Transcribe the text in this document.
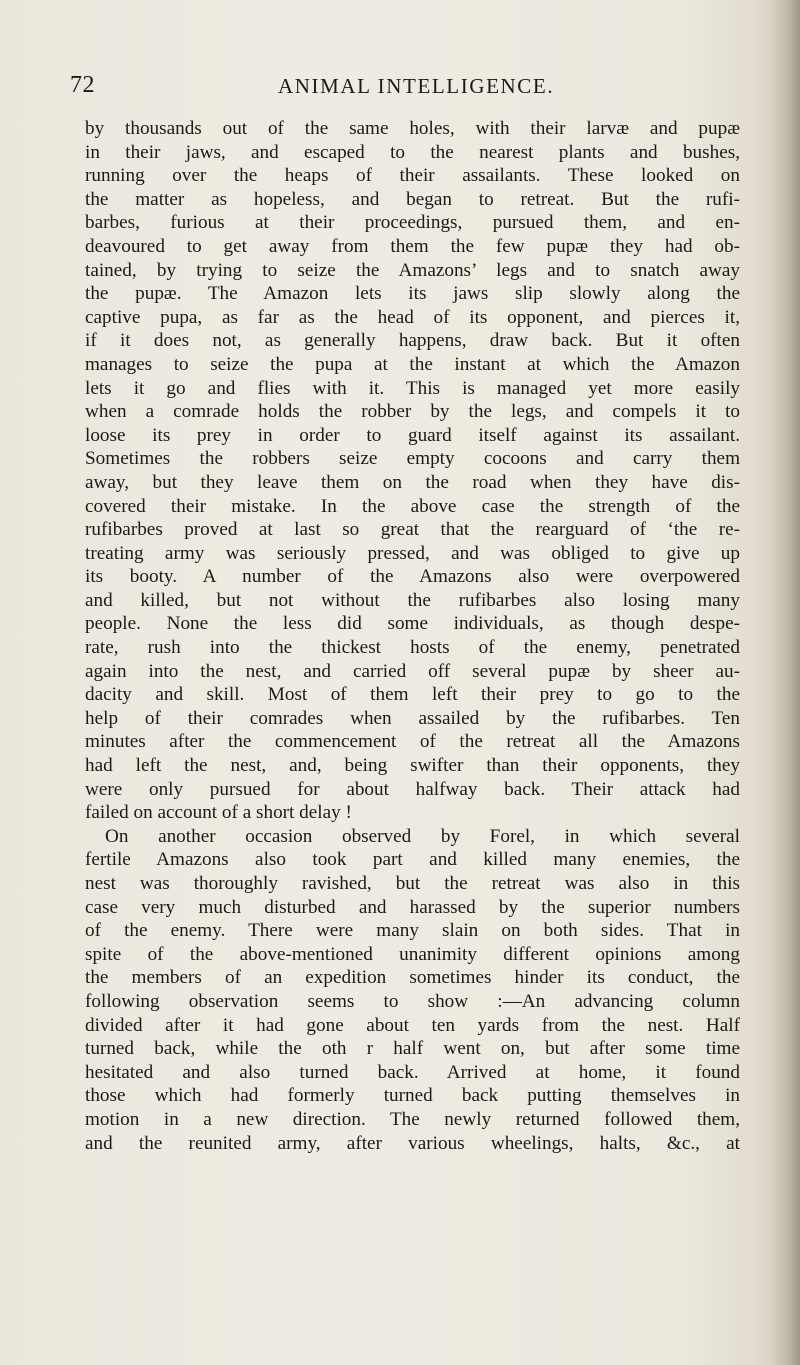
72	ANIMAL INTELLIGENCE.
by thousands out of the same holes, with their larvæ and pupæ
in their jaws, and escaped to the nearest plants and bushes,
running over the heaps of their assailants. These looked on
the matter as hopeless, and began to retreat. But the rufi-
barbes, furious at their proceedings, pursued them, and en-
deavoured to get away from them the few pupæ they had ob-
tained, by trying to seize the Amazons’ legs and to snatch away
the pupæ. The Amazon lets its jaws slip slowly along the
captive pupa, as far as the head of its opponent, and pierces it,
if it does not, as generally happens, draw back. But it often
manages to seize the pupa at the instant at which the Amazon
lets it go and flies with it. This is managed yet more easily
when a comrade holds the robber by the legs, and compels it to
loose its prey in order to guard itself against its assailant.
Sometimes the robbers seize empty cocoons and carry them
away, but they leave them on the road when they have dis-
covered their mistake. In the above case the strength of the
rufibarbes proved at last so great that the rearguard of ‘the re-
treating army was seriously pressed, and was obliged to give up
its booty. A number of the Amazons also were overpowered
and killed, but not without the rufibarbes also losing many
people. None the less did some individuals, as though despe-
rate, rush into the thickest hosts of the enemy, penetrated
again into the nest, and carried off several pupæ by sheer au-
dacity and skill. Most of them left their prey to go to the
help of their comrades when assailed by the rufibarbes. Ten
minutes after the commencement of the retreat all the Amazons
had left the nest, and, being swifter than their opponents, they
were only pursued for about halfway back. Their attack had
failed on account of a short delay !
On another occasion observed by Forel, in which several
fertile Amazons also took part and killed many enemies, the
nest was thoroughly ravished, but the retreat was also in this
case very much disturbed and harassed by the superior numbers
of the enemy. There were many slain on both sides. That in
spite of the above-mentioned unanimity different opinions among
the members of an expedition sometimes hinder its conduct, the
following observation seems to show :—An advancing column
divided after it had gone about ten yards from the nest. Half
turned back, while the oth r half went on, but after some time
hesitated and also turned back. Arrived at home, it found
those which had formerly turned back putting themselves in
motion in a new direction. The newly returned followed them,
and the reunited army, after various wheelings, halts, &c., at
